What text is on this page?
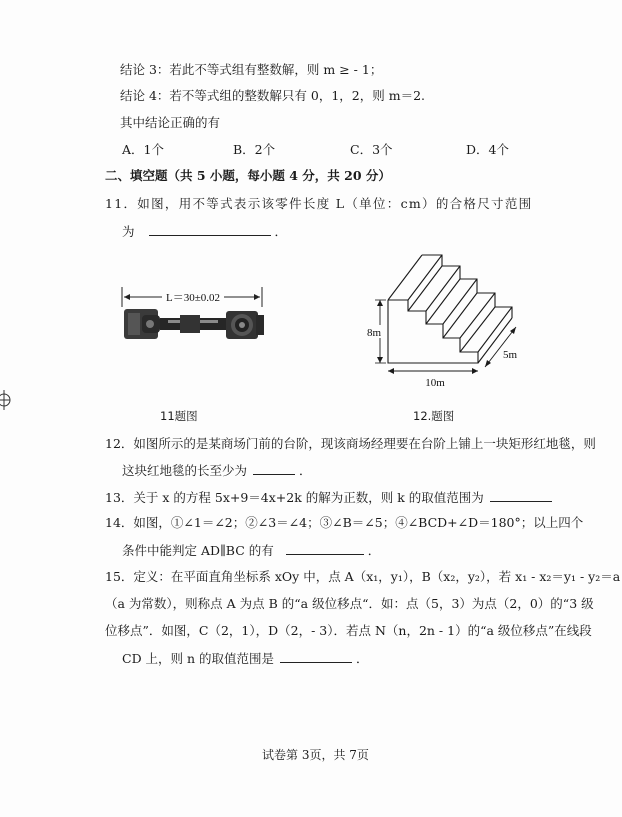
结论 3：若此不等式组有整数解，则 m ≥ - 1；
结论 4：若不等式组的整数解只有 0，1，2，则 m＝2.
其中结论正确的有
A．1个	B．2个	C．3个	D．4个
二、填空题（共 5 小题，每小题 4 分，共 20 分）
11．如图，用不等式表示该零件长度 L（单位：cm）的合格尺寸范围
为	．
L＝30±0.02
8m
10m
5m
11题图	12.题图
12．如图所示的是某商场门前的台阶，现该商场经理要在台阶上铺上一块矩形红地毯，则
这块红地毯的长至少为	．
13．关于 x 的方程 5x+9＝4x+2k 的解为正数，则 k 的取值范围为
14．如图，①∠1＝∠2；②∠3＝∠4；③∠B＝∠5；④∠BCD+∠D＝180°；以上四个
条件中能判定 AD∥BC 的有	．
15．定义：在平面直角坐标系 xOy 中，点 A（x₁，y₁），B（x₂，y₂），若 x₁ - x₂＝y₁ - y₂＝a
（a 为常数），则称点 A 为点 B 的“a 级位移点“．如：点（5，3）为点（2，0）的“3 级
位移点”．如图，C（2，1），D（2，- 3）．若点 N（n，2n - 1）的“a 级位移点”在线段
CD 上，则 n 的取值范围是	．
试卷第 3页，共 7页
